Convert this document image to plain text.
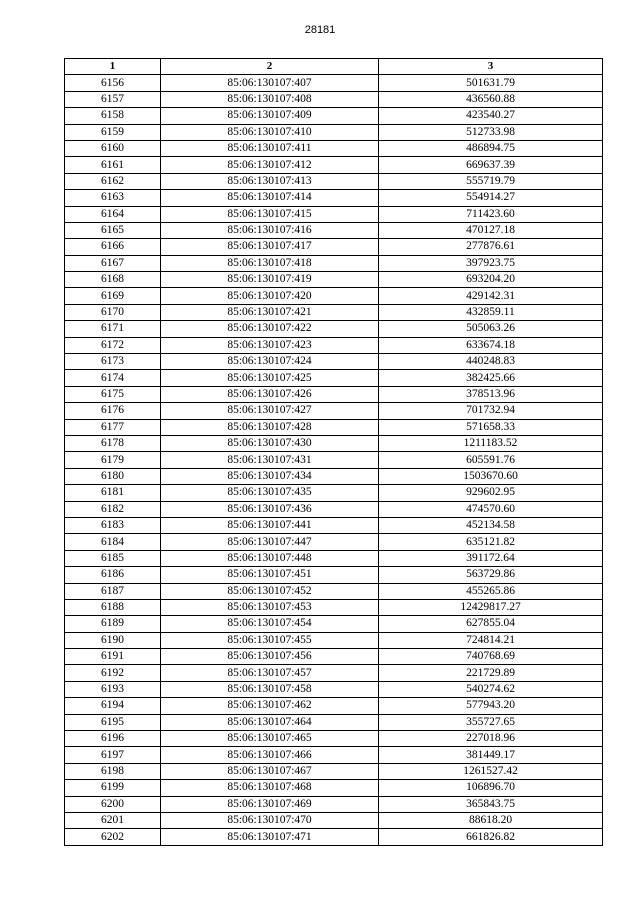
28181
1	2	3
6156	85:06:130107:407	501631.79
6157	85:06:130107:408	436560.88
6158	85:06:130107:409	423540.27
6159	85:06:130107:410	512733.98
6160	85:06:130107:411	486894.75
6161	85:06:130107:412	669637.39
6162	85:06:130107:413	555719.79
6163	85:06:130107:414	554914.27
6164	85:06:130107:415	711423.60
6165	85:06:130107:416	470127.18
6166	85:06:130107:417	277876.61
6167	85:06:130107:418	397923.75
6168	85:06:130107:419	693204.20
6169	85:06:130107:420	429142.31
6170	85:06:130107:421	432859.11
6171	85:06:130107:422	505063.26
6172	85:06:130107:423	633674.18
6173	85:06:130107:424	440248.83
6174	85:06:130107:425	382425.66
6175	85:06:130107:426	378513.96
6176	85:06:130107:427	701732.94
6177	85:06:130107:428	571658.33
6178	85:06:130107:430	1211183.52
6179	85:06:130107:431	605591.76
6180	85:06:130107:434	1503670.60
6181	85:06:130107:435	929602.95
6182	85:06:130107:436	474570.60
6183	85:06:130107:441	452134.58
6184	85:06:130107:447	635121.82
6185	85:06:130107:448	391172.64
6186	85:06:130107:451	563729.86
6187	85:06:130107:452	455265.86
6188	85:06:130107:453	12429817.27
6189	85:06:130107:454	627855.04
6190	85:06:130107:455	724814.21
6191	85:06:130107:456	740768.69
6192	85:06:130107:457	221729.89
6193	85:06:130107:458	540274.62
6194	85:06:130107:462	577943.20
6195	85:06:130107:464	355727.65
6196	85:06:130107:465	227018.96
6197	85:06:130107:466	381449.17
6198	85:06:130107:467	1261527.42
6199	85:06:130107:468	106896.70
6200	85:06:130107:469	365843.75
6201	85:06:130107:470	88618.20
6202	85:06:130107:471	661826.82
